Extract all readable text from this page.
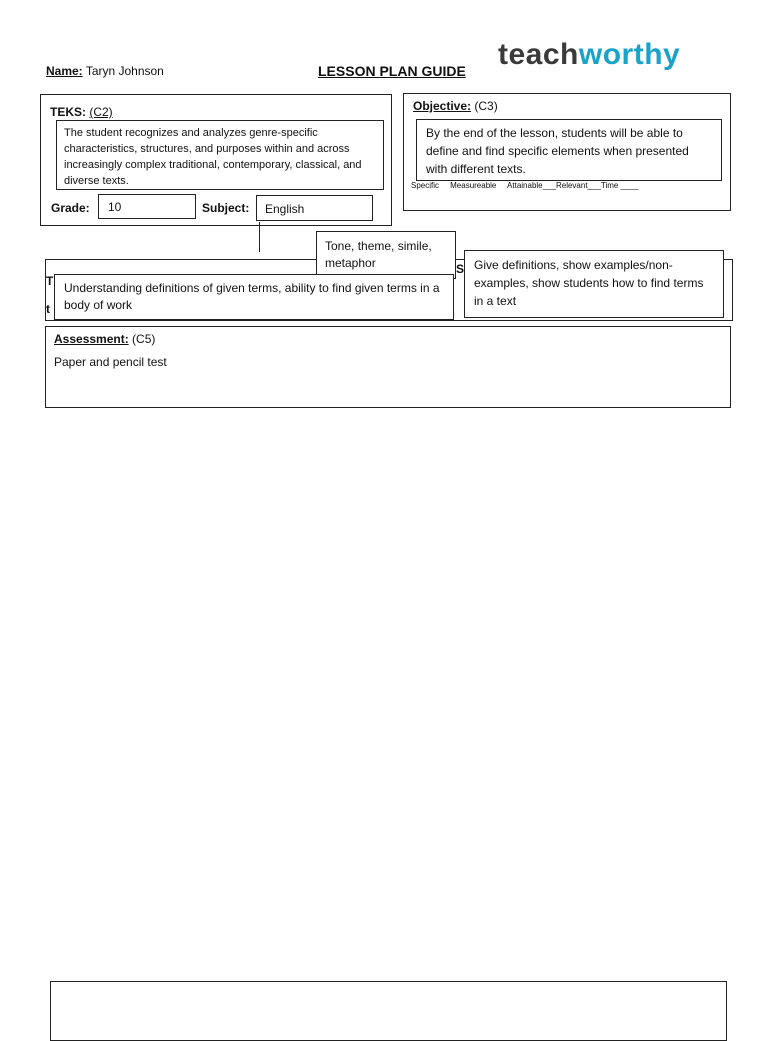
Name: Taryn Johnson	LESSON PLAN GUIDE teachworthy
TEKS: (C2)
The student recognizes and analyzes genre-specific characteristics, structures, and purposes within and across increasingly complex traditional, contemporary, classical, and diverse texts.
Grade:	10	Subject:	English
Objective: (C3)
By the end of the lesson, students will be able to define and find specific elements when presented with different texts.
Specific     Measureable     Attainable___Relevant___Time ____
T
t
S
Tone, theme, simile, metaphor
Understanding definitions of given terms, ability to find given terms in a body of work
Give definitions, show examples/non-examples, show students how to find terms in a text
Assessment: (C5)
Paper and pencil test
